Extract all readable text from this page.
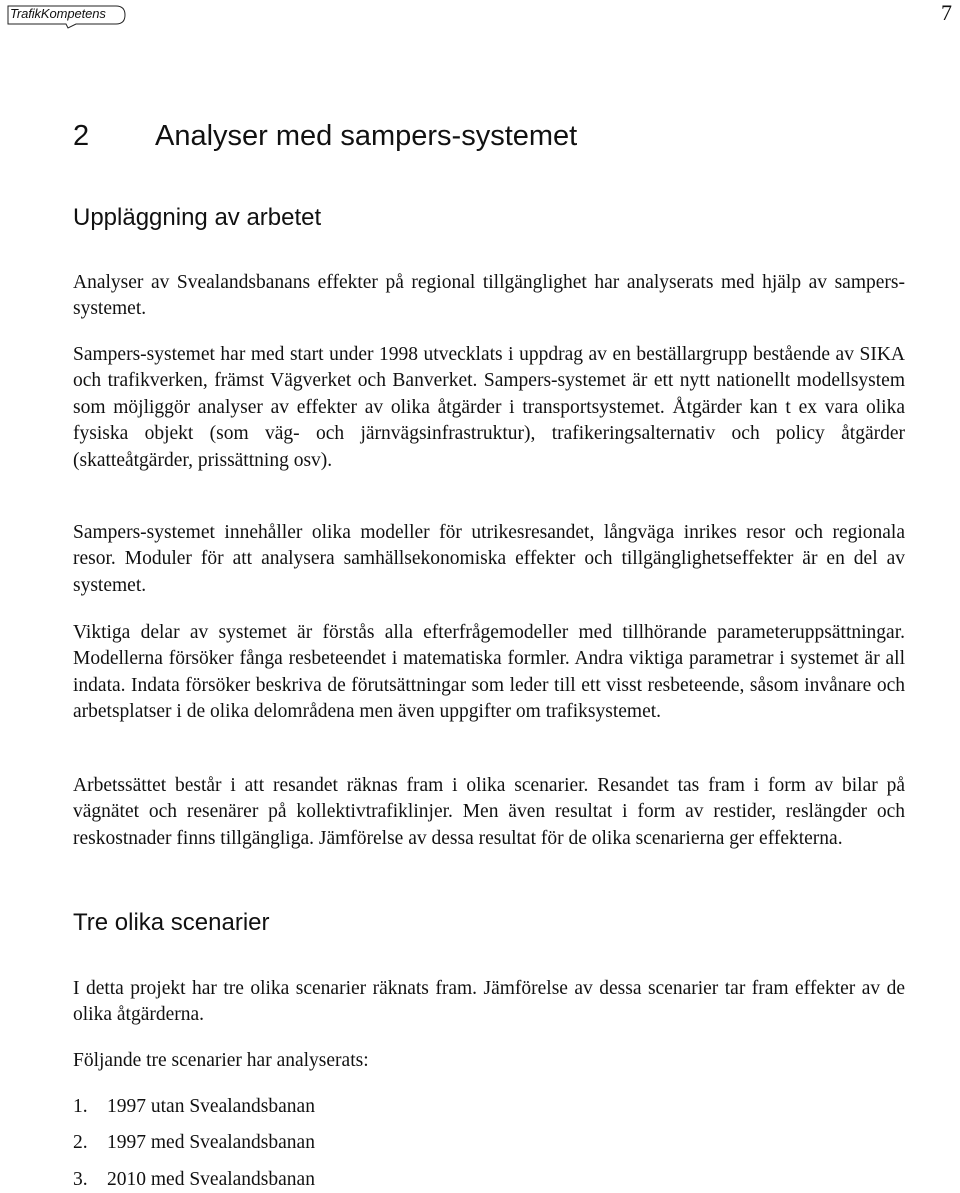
TrafikKompetens	7
2 Analyser med sampers-systemet
Uppläggning av arbetet

Analyser av Svealandsbanans effekter på regional tillgänglighet har analyserats med hjälp av sampers-systemet.

Sampers-systemet har med start under 1998 utvecklats i uppdrag av en beställargrupp bestående av SIKA och trafikverken, främst Vägverket och Banverket. Sampers-systemet är ett nytt nationellt modellsystem som möjliggör analyser av effekter av olika åtgärder i transportsystemet. Åtgärder kan t ex vara olika fysiska objekt (som väg- och järnvägsinfrastruktur), trafikeringsalternativ och policy åtgärder (skatteåtgärder, prissättning osv).

Sampers-systemet innehåller olika modeller för utrikesresandet, långväga inrikes resor och regionala resor. Moduler för att analysera samhällsekonomiska effekter och tillgänglighetseffekter är en del av systemet.

Viktiga delar av systemet är förstås alla efterfrågemodeller med tillhörande parameteruppsättningar. Modellerna försöker fånga resbeteendet i matematiska formler. Andra viktiga parametrar i systemet är all indata. Indata försöker beskriva de förutsättningar som leder till ett visst resbeteende, såsom invånare och arbetsplatser i de olika delområdena men även uppgifter om trafiksystemet.

Arbetssättet består i att resandet räknas fram i olika scenarier. Resandet tas fram i form av bilar på vägnätet och resenärer på kollektivtrafiklinjer. Men även resultat i form av restider, reslängder och reskostnader finns tillgängliga. Jämförelse av dessa resultat för de olika scenarierna ger effekterna.

Tre olika scenarier

I detta projekt har tre olika scenarier räknats fram. Jämförelse av dessa scenarier tar fram effekter av de olika åtgärderna.

Följande tre scenarier har analyserats:

1. 1997 utan Svealandsbanan
2. 1997 med Svealandsbanan
3. 2010 med Svealandsbanan
